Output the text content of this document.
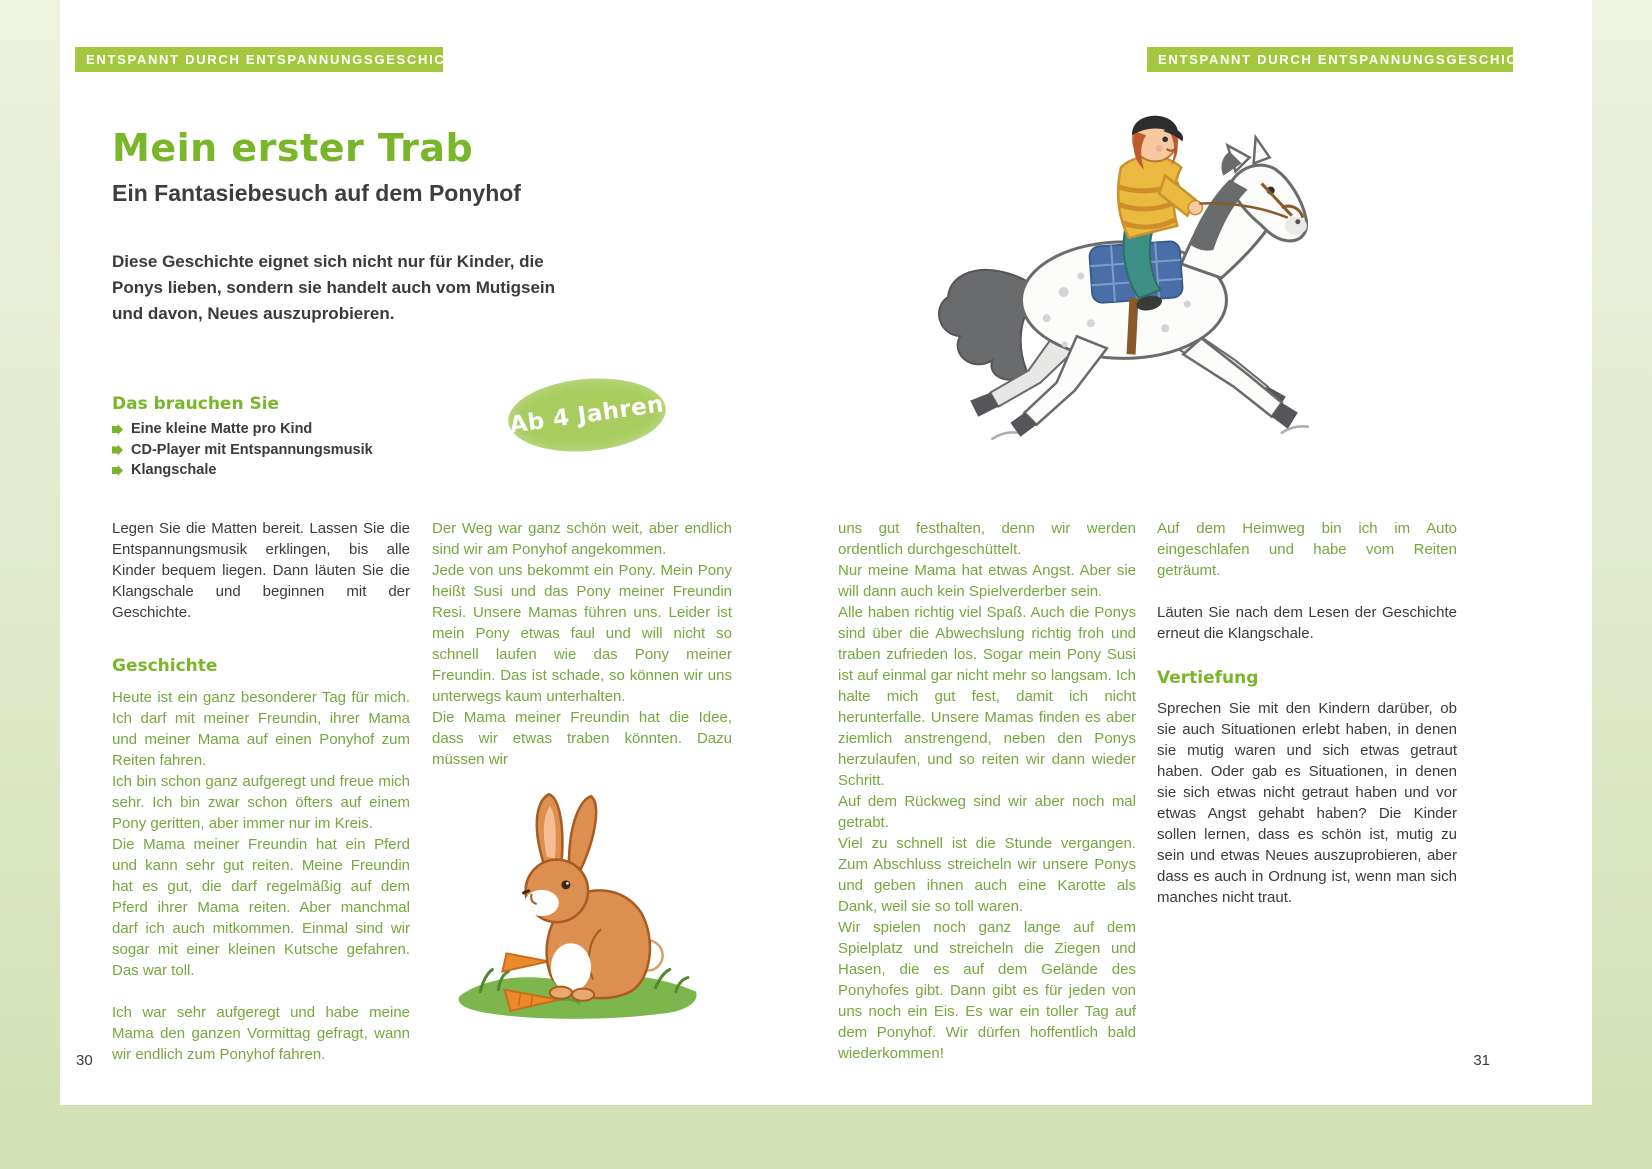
ENTSPANNT DURCH ENTSPANNUNGSGESCHICHTEN	ENTSPANNT DURCH ENTSPANNUNGSGESCHICHTEN
Mein erster Trab
Ein Fantasiebesuch auf dem Ponyhof

Diese Geschichte eignet sich nicht nur für Kinder, die Ponys lieben, sondern sie handelt auch vom Mutigsein und davon, Neues auszuprobieren.

Das brauchen Sie
Eine kleine Matte pro Kind
CD-Player mit Entspannungsmusik
Klangschale
Ab 4 Jahren

Legen Sie die Matten bereit. Lassen Sie die Entspannungsmusik erklingen, bis alle Kinder bequem liegen. Dann läuten Sie die Klangschale und beginnen mit der Geschichte.

Geschichte

Heute ist ein ganz besonderer Tag für mich. Ich darf mit meiner Freundin, ihrer Mama und meiner Mama auf einen Ponyhof zum Reiten fahren.

Ich bin schon ganz aufgeregt und freue mich sehr. Ich bin zwar schon öfters auf einem Pony geritten, aber immer nur im Kreis.

Die Mama meiner Freundin hat ein Pferd und kann sehr gut reiten. Meine Freundin hat es gut, die darf regelmäßig auf dem Pferd ihrer Mama reiten. Aber manchmal darf ich auch mitkommen. Einmal sind wir sogar mit einer kleinen Kutsche gefahren. Das war toll.

Ich war sehr aufgeregt und habe meine Mama den ganzen Vormittag gefragt, wann wir endlich zum Ponyhof fahren.

Der Weg war ganz schön weit, aber endlich sind wir am Ponyhof angekommen.

Jede von uns bekommt ein Pony. Mein Pony heißt Susi und das Pony meiner Freundin Resi. Unsere Mamas führen uns. Leider ist mein Pony etwas faul und will nicht so schnell laufen wie das Pony meiner Freundin. Das ist schade, so können wir uns unterwegs kaum unterhalten.

Die Mama meiner Freundin hat die Idee, dass wir etwas traben könnten. Dazu müssen wir

uns gut festhalten, denn wir werden ordentlich durchgeschüttelt.

Nur meine Mama hat etwas Angst. Aber sie will dann auch kein Spielverderber sein.

Alle haben richtig viel Spaß. Auch die Ponys sind über die Abwechslung richtig froh und traben zufrieden los. Sogar mein Pony Susi ist auf einmal gar nicht mehr so langsam. Ich halte mich gut fest, damit ich nicht herunterfalle. Unsere Mamas finden es aber ziemlich anstrengend, neben den Ponys herzulaufen, und so reiten wir dann wieder Schritt.

Auf dem Rückweg sind wir aber noch mal getrabt.

Viel zu schnell ist die Stunde vergangen. Zum Abschluss streicheln wir unsere Ponys und geben ihnen auch eine Karotte als Dank, weil sie so toll waren.

Wir spielen noch ganz lange auf dem Spielplatz und streicheln die Ziegen und Hasen, die es auf dem Gelände des Ponyhofes gibt. Dann gibt es für jeden von uns noch ein Eis. Es war ein toller Tag auf dem Ponyhof. Wir dürfen hoffentlich bald wiederkommen!

Auf dem Heimweg bin ich im Auto eingeschlafen und habe vom Reiten geträumt.

Läuten Sie nach dem Lesen der Geschichte erneut die Klangschale.

Vertiefung

Sprechen Sie mit den Kindern darüber, ob sie auch Situationen erlebt haben, in denen sie mutig waren und sich etwas getraut haben. Oder gab es Situationen, in denen sie sich etwas nicht getraut haben und vor etwas Angst gehabt haben? Die Kinder sollen lernen, dass es schön ist, mutig zu sein und etwas Neues auszuprobieren, aber dass es auch in Ordnung ist, wenn man sich manches nicht traut.

30	31
